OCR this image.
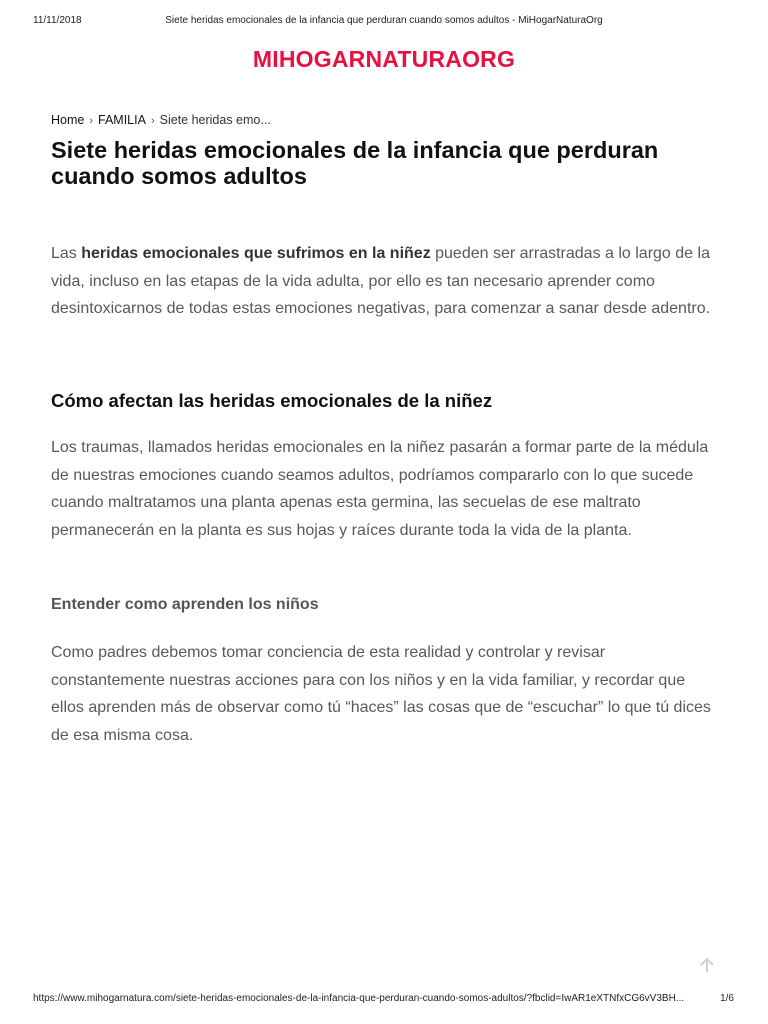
11/11/2018	Siete heridas emocionales de la infancia que perduran cuando somos adultos - MiHogarNaturaOrg
MIHOGARNATURAORG
Home › FAMILIA › Siete heridas emo...
Siete heridas emocionales de la infancia que perduran cuando somos adultos

Las heridas emocionales que sufrimos en la niñez pueden ser arrastradas a lo largo de la vida, incluso en las etapas de la vida adulta, por ello es tan necesario aprender como desintoxicarnos de todas estas emociones negativas, para comenzar a sanar desde adentro.

Cómo afectan las heridas emocionales de la niñez

Los traumas, llamados heridas emocionales en la niñez pasarán a formar parte de la médula de nuestras emociones cuando seamos adultos, podríamos compararlo con lo que sucede cuando maltratamos una planta apenas esta germina, las secuelas de ese maltrato permanecerán en la planta es sus hojas y raíces durante toda la vida de la planta.

Entender como aprenden los niños

Como padres debemos tomar conciencia de esta realidad y controlar y revisar constantemente nuestras acciones para con los niños y en la vida familiar, y recordar que ellos aprenden más de observar como tú “haces” las cosas que de “escuchar” lo que tú dices de esa misma cosa.

https://www.mihogarnatura.com/siete-heridas-emocionales-de-la-infancia-que-perduran-cuando-somos-adultos/?fbclid=IwAR1eXTNfxCG6vV3BH...	1/6
